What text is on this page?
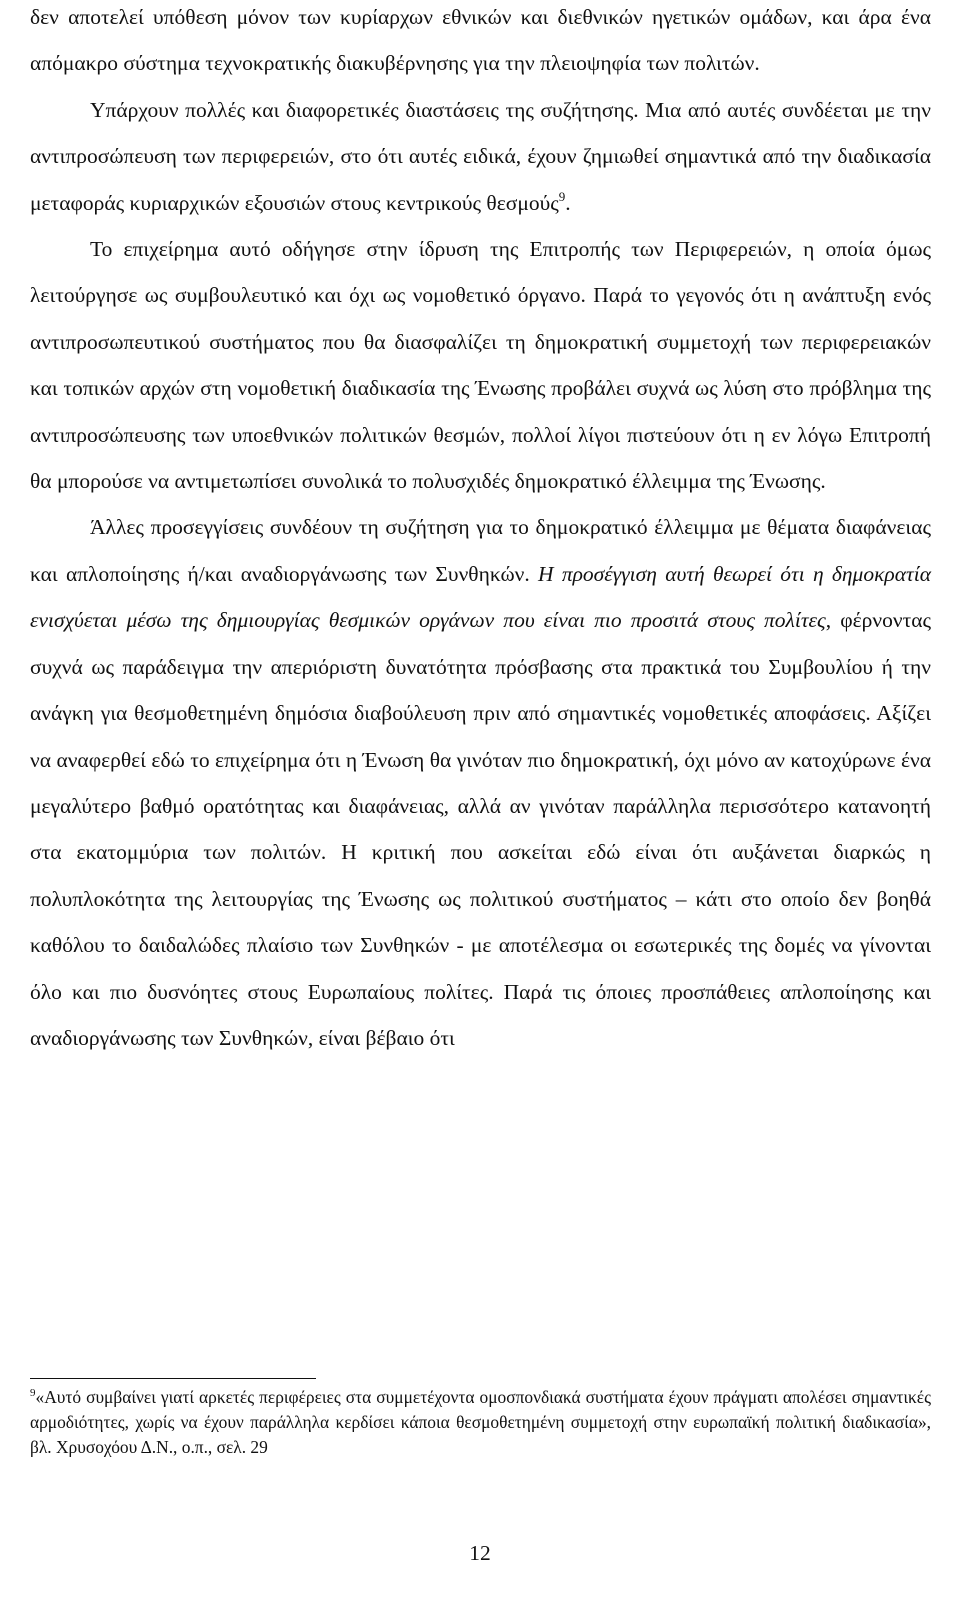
δεν αποτελεί υπόθεση μόνον των κυρίαρχων εθνικών και διεθνικών ηγετικών ομάδων, και άρα ένα απόμακρο σύστημα τεχνοκρατικής διακυβέρνησης για την πλειοψηφία των πολιτών.

Υπάρχουν πολλές και διαφορετικές διαστάσεις της συζήτησης. Μια από αυτές συνδέεται με την αντιπροσώπευση των περιφερειών, στο ότι αυτές ειδικά, έχουν ζημιωθεί σημαντικά από την διαδικασία μεταφοράς κυριαρχικών εξουσιών στους κεντρικούς θεσμούς$^9$.

Το επιχείρημα αυτό οδήγησε στην ίδρυση της Επιτροπής των Περιφερειών, η οποία όμως λειτούργησε ως συμβουλευτικό και όχι ως νομοθετικό όργανο. Παρά το γεγονός ότι η ανάπτυξη ενός αντιπροσωπευτικού συστήματος που θα διασφαλίζει τη δημοκρατική συμμετοχή των περιφερειακών και τοπικών αρχών στη νομοθετική διαδικασία της Ένωσης προβάλει συχνά ως λύση στο πρόβλημα της αντιπροσώπευσης των υποεθνικών πολιτικών θεσμών, πολλοί λίγοι πιστεύουν ότι η εν λόγω Επιτροπή θα μπορούσε να αντιμετωπίσει συνολικά το πολυσχιδές δημοκρατικό έλλειμμα της Ένωσης.

Άλλες προσεγγίσεις συνδέουν τη συζήτηση για το δημοκρατικό έλλειμμα με θέματα διαφάνειας και απλοποίησης ή/και αναδιοργάνωσης των Συνθηκών. Η προσέγγιση αυτή θεωρεί ότι η δημοκρατία ενισχύεται μέσω της δημιουργίας θεσμικών οργάνων που είναι πιο προσιτά στους πολίτες, φέρνοντας συχνά ως παράδειγμα την απεριόριστη δυνατότητα πρόσβασης στα πρακτικά του Συμβουλίου ή την ανάγκη για θεσμοθετημένη δημόσια διαβούλευση πριν από σημαντικές νομοθετικές αποφάσεις. Αξίζει να αναφερθεί εδώ το επιχείρημα ότι η Ένωση θα γινόταν πιο δημοκρατική, όχι μόνο αν κατοχύρωνε ένα μεγαλύτερο βαθμό ορατότητας και διαφάνειας, αλλά αν γινόταν παράλληλα περισσότερο κατανοητή στα εκατομμύρια των πολιτών. Η κριτική που ασκείται εδώ είναι ότι αυξάνεται διαρκώς η πολυπλοκότητα της λειτουργίας της Ένωσης ως πολιτικού συστήματος – κάτι στο οποίο δεν βοηθά καθόλου το δαιδαλώδες πλαίσιο των Συνθηκών - με αποτέλεσμα οι εσωτερικές της δομές να γίνονται όλο και πιο δυσνόητες στους Ευρωπαίους πολίτες. Παρά τις όποιες προσπάθειες απλοποίησης και αναδιοργάνωσης των Συνθηκών, είναι βέβαιο ότι

$^9$«Αυτό συμβαίνει γιατί αρκετές περιφέρειες στα συμμετέχοντα ομοσπονδιακά συστήματα έχουν πράγματι απολέσει σημαντικές αρμοδιότητες, χωρίς να έχουν παράλληλα κερδίσει κάποια θεσμοθετημένη συμμετοχή στην ευρωπαϊκή πολιτική διαδικασία», βλ. Χρυσοχόου Δ.Ν., ο.π., σελ. 29
12
